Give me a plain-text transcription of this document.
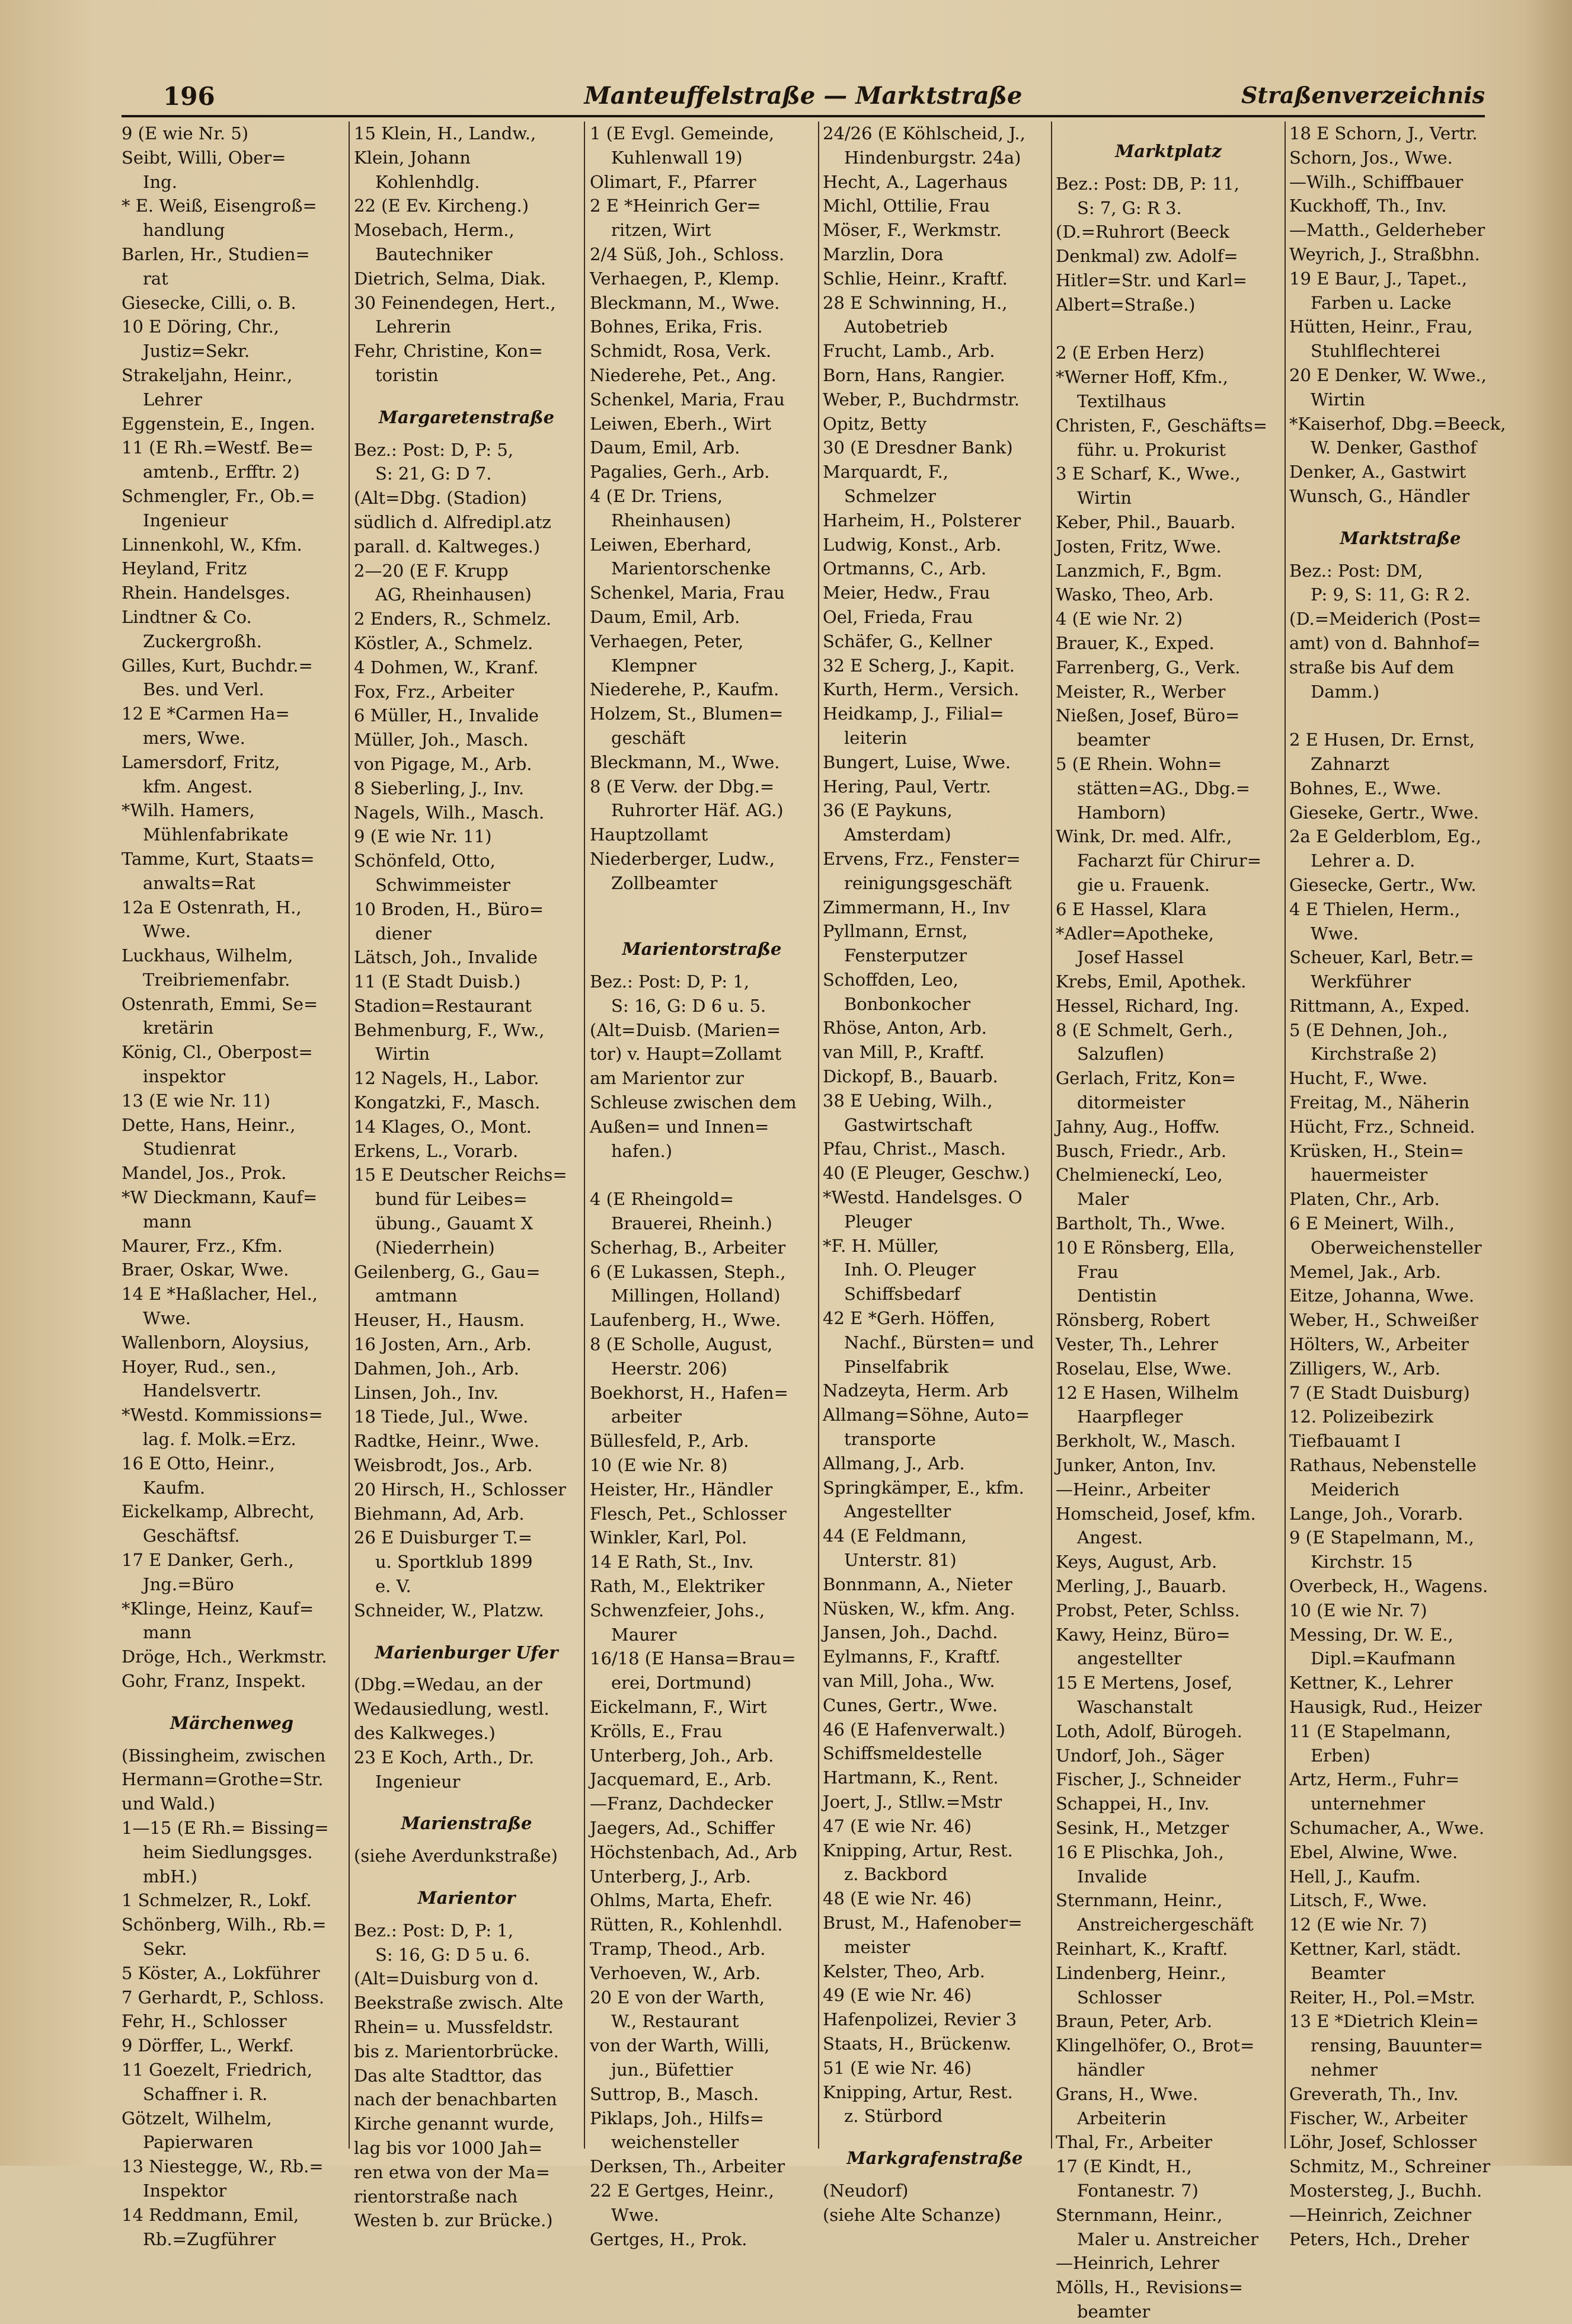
196	Manteuffelstraße — Marktstraße	Straßenverzeichnis

9 (E wie Nr. 5)

Seibt, Willi, Ober=

Ing.

* E. Weiß, Eisengroß=

handlung

Barlen, Hr., Studien=

rat

Giesecke, Cilli, o. B.

10 E Döring, Chr.,

Justiz=Sekr.

Strakeljahn, Heinr.,

Lehrer

Eggenstein, E., Ingen.

11 (E Rh.=Westf. Be=

amtenb., Erfftr. 2)

Schmengler, Fr., Ob.=

Ingenieur

Linnenkohl, W., Kfm.

Heyland, Fritz

Rhein. Handelsges.

Lindtner & Co.

Zuckergroßh.

Gilles, Kurt, Buchdr.=

Bes. und Verl.

12 E *Carmen Ha=

mers, Wwe.

Lamersdorf, Fritz,

kfm. Angest.

*Wilh. Hamers,

Mühlenfabrikate

Tamme, Kurt, Staats=

anwalts=Rat

12a E Ostenrath, H.,

Wwe.

Luckhaus, Wilhelm,

Treibriemenfabr.

Ostenrath, Emmi, Se=

kretärin

König, Cl., Oberpost=

inspektor

13 (E wie Nr. 11)

Dette, Hans, Heinr.,

Studienrat

Mandel, Jos., Prok.

*W Dieckmann, Kauf=

mann

Maurer, Frz., Kfm.

Braer, Oskar, Wwe.

14 E *Haßlacher, Hel.,

Wwe.

Wallenborn, Aloysius,

Hoyer, Rud., sen.,

Handelsvertr.

*Westd. Kommissions=

lag. f. Molk.=Erz.

16 E Otto, Heinr.,

Kaufm.

Eickelkamp, Albrecht,

Geschäftsf.

17 E Danker, Gerh.,

Jng.=Büro

*Klinge, Heinz, Kauf=

mann

Dröge, Hch., Werkmstr.

Gohr, Franz, Inspekt.

Märchenweg

(Bissingheim, zwischen

Hermann=Grothe=Str.

und Wald.)

1—15 (E Rh.= Bissing=

heim Siedlungsges.

mbH.)

1 Schmelzer, R., Lokf.

Schönberg, Wilh., Rb.=

Sekr.

5 Köster, A., Lokführer

7 Gerhardt, P., Schloss.

Fehr, H., Schlosser

9 Dörffer, L., Werkf.

11 Goezelt, Friedrich,

Schaffner i. R.

Götzelt, Wilhelm,

Papierwaren

13 Niestegge, W., Rb.=

Inspektor

14 Reddmann, Emil,

Rb.=Zugführer

15 Klein, H., Landw.,

Klein, Johann

Kohlenhdlg.

22 (E Ev. Kircheng.)

Mosebach, Herm.,

Bautechniker

Dietrich, Selma, Diak.

30 Feinendegen, Hert.,

Lehrerin

Fehr, Christine, Kon=

toristin

Margaretenstraße

Bez.: Post: D, P: 5,

S: 21, G: D 7.

(Alt=Dbg. (Stadion)

südlich d. Alfredipl.atz

parall. d. Kaltweges.)

2—20 (E F. Krupp

AG, Rheinhausen)

2 Enders, R., Schmelz.

Köstler, A., Schmelz.

4 Dohmen, W., Kranf.

Fox, Frz., Arbeiter

6 Müller, H., Invalide

Müller, Joh., Masch.

von Pigage, M., Arb.

8 Sieberling, J., Inv.

Nagels, Wilh., Masch.

9 (E wie Nr. 11)

Schönfeld, Otto,

Schwimmeister

10 Broden, H., Büro=

diener

Lätsch, Joh., Invalide

11 (E Stadt Duisb.)

Stadion=Restaurant

Behmenburg, F., Ww.,

Wirtin

12 Nagels, H., Labor.

Kongatzki, F., Masch.

14 Klages, O., Mont.

Erkens, L., Vorarb.

15 E Deutscher Reichs=

bund für Leibes=

übung., Gauamt X

(Niederrhein)

Geilenberg, G., Gau=

amtmann

Heuser, H., Hausm.

16 Josten, Arn., Arb.

Dahmen, Joh., Arb.

Linsen, Joh., Inv.

18 Tiede, Jul., Wwe.

Radtke, Heinr., Wwe.

Weisbrodt, Jos., Arb.

20 Hirsch, H., Schlosser

Biehmann, Ad, Arb.

26 E Duisburger T.=

u. Sportklub 1899

e. V.

Schneider, W., Platzw.

Marienburger Ufer

(Dbg.=Wedau, an der

Wedausiedlung, westl.

des Kalkweges.)

23 E Koch, Arth., Dr.

Ingenieur

Marienstraße

(siehe Averdunkstraße)

Marientor

Bez.: Post: D, P: 1,

S: 16, G: D 5 u. 6.

(Alt=Duisburg von d.

Beekstraße zwisch. Alte

Rhein= u. Mussfeldstr.

bis z. Marientorbrücke.

Das alte Stadttor, das

nach der benachbarten

Kirche genannt wurde,

lag bis vor 1000 Jah=

ren etwa von der Ma=

rientorstraße nach

Westen b. zur Brücke.)

1 (E Evgl. Gemeinde,

Kuhlenwall 19)

Olimart, F., Pfarrer

2 E *Heinrich Ger=

ritzen, Wirt

2/4 Süß, Joh., Schloss.

Verhaegen, P., Klemp.

Bleckmann, M., Wwe.

Bohnes, Erika, Fris.

Schmidt, Rosa, Verk.

Niederehe, Pet., Ang.

Schenkel, Maria, Frau

Leiwen, Eberh., Wirt

Daum, Emil, Arb.

Pagalies, Gerh., Arb.

4 (E Dr. Triens,

Rheinhausen)

Leiwen, Eberhard,

Marientorschenke

Schenkel, Maria, Frau

Daum, Emil, Arb.

Verhaegen, Peter,

Klempner

Niederehe, P., Kaufm.

Holzem, St., Blumen=

geschäft

Bleckmann, M., Wwe.

8 (E Verw. der Dbg.=

Ruhrorter Häf. AG.)

Hauptzollamt

Niederberger, Ludw.,

Zollbeamter

Marientorstraße

Bez.: Post: D, P: 1,

S: 16, G: D 6 u. 5.

(Alt=Duisb. (Marien=

tor) v. Haupt=Zollamt

am Marientor zur

Schleuse zwischen dem

Außen= und Innen=

hafen.)

4 (E Rheingold=

Brauerei, Rheinh.)

Scherhag, B., Arbeiter

6 (E Lukassen, Steph.,

Millingen, Holland)

Laufenberg, H., Wwe.

8 (E Scholle, August,

Heerstr. 206)

Boekhorst, H., Hafen=

arbeiter

Büllesfeld, P., Arb.

10 (E wie Nr. 8)

Heister, Hr., Händler

Flesch, Pet., Schlosser

Winkler, Karl, Pol.

14 E Rath, St., Inv.

Rath, M., Elektriker

Schwenzfeier, Johs.,

Maurer

16/18 (E Hansa=Brau=

erei, Dortmund)

Eickelmann, F., Wirt

Krölls, E., Frau

Unterberg, Joh., Arb.

Jacquemard, E., Arb.

—Franz, Dachdecker

Jaegers, Ad., Schiffer

Höchstenbach, Ad., Arb

Unterberg, J., Arb.

Ohlms, Marta, Ehefr.

Rütten, R., Kohlenhdl.

Tramp, Theod., Arb.

Verhoeven, W., Arb.

20 E von der Warth,

W., Restaurant

von der Warth, Willi,

jun., Büfettier

Suttrop, B., Masch.

Piklaps, Joh., Hilfs=

weichensteller

Derksen, Th., Arbeiter

22 E Gertges, Heinr.,

Wwe.

Gertges, H., Prok.

24/26 (E Köhlscheid, J.,

Hindenburgstr. 24a)

Hecht, A., Lagerhaus

Michl, Ottilie, Frau

Möser, F., Werkmstr.

Marzlin, Dora

Schlie, Heinr., Kraftf.

28 E Schwinning, H.,

Autobetrieb

Frucht, Lamb., Arb.

Born, Hans, Rangier.

Weber, P., Buchdrmstr.

Opitz, Betty

30 (E Dresdner Bank)

Marquardt, F.,

Schmelzer

Harheim, H., Polsterer

Ludwig, Konst., Arb.

Ortmanns, C., Arb.

Meier, Hedw., Frau

Oel, Frieda, Frau

Schäfer, G., Kellner

32 E Scherg, J., Kapit.

Kurth, Herm., Versich.

Heidkamp, J., Filial=

leiterin

Bungert, Luise, Wwe.

Hering, Paul, Vertr.

36 (E Paykuns,

Amsterdam)

Ervens, Frz., Fenster=

reinigungsgeschäft

Zimmermann, H., Inv

Pyllmann, Ernst,

Fensterputzer

Schoffden, Leo,

Bonbonkocher

Rhöse, Anton, Arb.

van Mill, P., Kraftf.

Dickopf, B., Bauarb.

38 E Uebing, Wilh.,

Gastwirtschaft

Pfau, Christ., Masch.

40 (E Pleuger, Geschw.)

*Westd. Handelsges. O

Pleuger

*F. H. Müller,

Inh. O. Pleuger

Schiffsbedarf

42 E *Gerh. Höffen,

Nachf., Bürsten= und

Pinselfabrik

Nadzeyta, Herm. Arb

Allmang=Söhne, Auto=

transporte

Allmang, J., Arb.

Springkämper, E., kfm.

Angestellter

44 (E Feldmann,

Unterstr. 81)

Bonnmann, A., Nieter

Nüsken, W., kfm. Ang.

Jansen, Joh., Dachd.

Eylmanns, F., Kraftf.

van Mill, Joha., Ww.

Cunes, Gertr., Wwe.

46 (E Hafenverwalt.)

Schiffsmeldestelle

Hartmann, K., Rent.

Joert, J., Stllw.=Mstr

47 (E wie Nr. 46)

Knipping, Artur, Rest.

z. Backbord

48 (E wie Nr. 46)

Brust, M., Hafenober=

meister

Kelster, Theo, Arb.

49 (E wie Nr. 46)

Hafenpolizei, Revier 3

Staats, H., Brückenw.

51 (E wie Nr. 46)

Knipping, Artur, Rest.

z. Stürbord

Markgrafenstraße

(Neudorf)

(siehe Alte Schanze)

Marktplatz

Bez.: Post: DB, P: 11,

S: 7, G: R 3.

(D.=Ruhrort (Beeck

Denkmal) zw. Adolf=

Hitler=Str. und Karl=

Albert=Straße.)

2 (E Erben Herz)

*Werner Hoff, Kfm.,

Textilhaus

Christen, F., Geschäfts=

führ. u. Prokurist

3 E Scharf, K., Wwe.,

Wirtin

Keber, Phil., Bauarb.

Josten, Fritz, Wwe.

Lanzmich, F., Bgm.

Wasko, Theo, Arb.

4 (E wie Nr. 2)

Brauer, K., Exped.

Farrenberg, G., Verk.

Meister, R., Werber

Nießen, Josef, Büro=

beamter

5 (E Rhein. Wohn=

stätten=AG., Dbg.=

Hamborn)

Wink, Dr. med. Alfr.,

Facharzt für Chirur=

gie u. Frauenk.

6 E Hassel, Klara

*Adler=Apotheke,

Josef Hassel

Krebs, Emil, Apothek.

Hessel, Richard, Ing.

8 (E Schmelt, Gerh.,

Salzuflen)

Gerlach, Fritz, Kon=

ditormeister

Jahny, Aug., Hoffw.

Busch, Friedr., Arb.

Chelmieneckí, Leo,

Maler

Bartholt, Th., Wwe.

10 E Rönsberg, Ella,

Frau

Dentistin

Rönsberg, Robert

Vester, Th., Lehrer

Roselau, Else, Wwe.

12 E Hasen, Wilhelm

Haarpfleger

Berkholt, W., Masch.

Junker, Anton, Inv.

—Heinr., Arbeiter

Homscheid, Josef, kfm.

Angest.

Keys, August, Arb.

Merling, J., Bauarb.

Probst, Peter, Schlss.

Kawy, Heinz, Büro=

angestellter

15 E Mertens, Josef,

Waschanstalt

Loth, Adolf, Bürogeh.

Undorf, Joh., Säger

Fischer, J., Schneider

Schappei, H., Inv.

Sesink, H., Metzger

16 E Plischka, Joh.,

Invalide

Sternmann, Heinr.,

Anstreichergeschäft

Reinhart, K., Kraftf.

Lindenberg, Heinr.,

Schlosser

Braun, Peter, Arb.

Klingelhöfer, O., Brot=

händler

Grans, H., Wwe.

Arbeiterin

Thal, Fr., Arbeiter

17 (E Kindt, H.,

Fontanestr. 7)

Sternmann, Heinr.,

Maler u. Anstreicher

—Heinrich, Lehrer

Mölls, H., Revisions=

beamter

18 E Schorn, J., Vertr.

Schorn, Jos., Wwe.

—Wilh., Schiffbauer

Kuckhoff, Th., Inv.

—Matth., Gelderheber

Weyrich, J., Straßbhn.

19 E Baur, J., Tapet.,

Farben u. Lacke

Hütten, Heinr., Frau,

Stuhlflechterei

20 E Denker, W. Wwe.,

Wirtin

*Kaiserhof, Dbg.=Beeck,

W. Denker, Gasthof

Denker, A., Gastwirt

Wunsch, G., Händler

Marktstraße

Bez.: Post: DM,

P: 9, S: 11, G: R 2.

(D.=Meiderich (Post=

amt) von d. Bahnhof=

straße bis Auf dem

Damm.)

2 E Husen, Dr. Ernst,

Zahnarzt

Bohnes, E., Wwe.

Gieseke, Gertr., Wwe.

2a E Gelderblom, Eg.,

Lehrer a. D.

Giesecke, Gertr., Ww.

4 E Thielen, Herm.,

Wwe.

Scheuer, Karl, Betr.=

Werkführer

Rittmann, A., Exped.

5 (E Dehnen, Joh.,

Kirchstraße 2)

Hucht, F., Wwe.

Freitag, M., Näherin

Hücht, Frz., Schneid.

Krüsken, H., Stein=

hauermeister

Platen, Chr., Arb.

6 E Meinert, Wilh.,

Oberweichensteller

Memel, Jak., Arb.

Eitze, Johanna, Wwe.

Weber, H., Schweißer

Hölters, W., Arbeiter

Zilligers, W., Arb.

7 (E Stadt Duisburg)

12. Polizeibezirk

Tiefbauamt I

Rathaus, Nebenstelle

Meiderich

Lange, Joh., Vorarb.

9 (E Stapelmann, M.,

Kirchstr. 15

Overbeck, H., Wagens.

10 (E wie Nr. 7)

Messing, Dr. W. E.,

Dipl.=Kaufmann

Kettner, K., Lehrer

Hausigk, Rud., Heizer

11 (E Stapelmann,

Erben)

Artz, Herm., Fuhr=

unternehmer

Schumacher, A., Wwe.

Ebel, Alwine, Wwe.

Hell, J., Kaufm.

Litsch, F., Wwe.

12 (E wie Nr. 7)

Kettner, Karl, städt.

Beamter

Reiter, H., Pol.=Mstr.

13 E *Dietrich Klein=

rensing, Bauunter=

nehmer

Greverath, Th., Inv.

Fischer, W., Arbeiter

Löhr, Josef, Schlosser

Schmitz, M., Schreiner

Mostersteg, J., Buchh.

—Heinrich, Zeichner

Peters, Hch., Dreher
